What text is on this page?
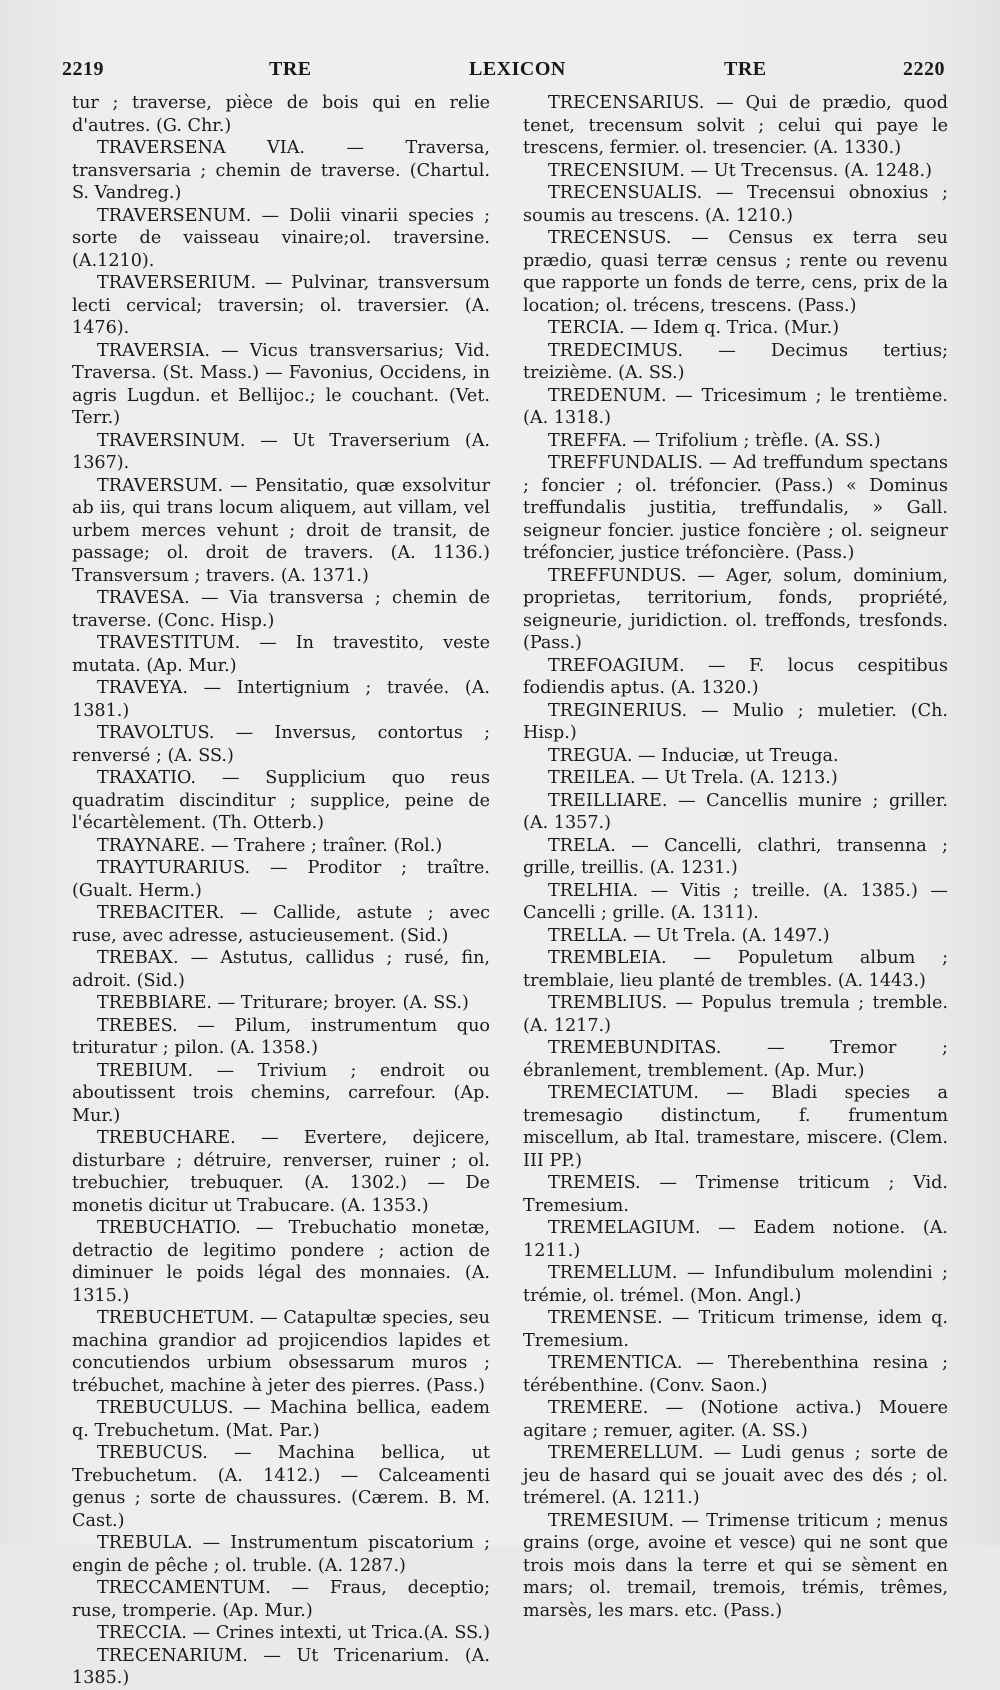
2219	TRE	LEXICON	TRE	2220

tur ; traverse, pièce de bois qui en relie d'autres. (G. Chr.)

TRAVERSENA VIA. — Traversa, transversaria ; chemin de traverse. (Chartul. S. Vandreg.)

TRAVERSENUM. — Dolii vinarii species ; sorte de vaisseau vinaire;ol. traversine.(A.1210).

TRAVERSERIUM. — Pulvinar, transversum lecti cervical; traversin; ol. traversier. (A. 1476).

TRAVERSIA. — Vicus transversarius; Vid. Traversa. (St. Mass.) — Favonius, Occidens, in agris Lugdun. et Bellijoc.; le couchant. (Vet. Terr.)

TRAVERSINUM. — Ut Traverserium (A. 1367).

TRAVERSUM. — Pensitatio, quæ exsolvitur ab iis, qui trans locum aliquem, aut villam, vel urbem merces vehunt ; droit de transit, de passage; ol. droit de travers. (A. 1136.) Transversum ; travers. (A. 1371.)

TRAVESA. — Via transversa ; chemin de traverse. (Conc. Hisp.)

TRAVESTITUM. — In travestito, veste mutata. (Ap. Mur.)

TRAVEYA. — Intertignium ; travée. (A. 1381.)

TRAVOLTUS. — Inversus, contortus ; renversé ; (A. SS.)

TRAXATIO. — Supplicium quo reus quadratim discinditur ; supplice, peine de l'écartèlement. (Th. Otterb.)

TRAYNARE. — Trahere ; traîner. (Rol.)

TRAYTURARIUS. — Proditor ; traître. (Gualt. Herm.)

TREBACITER. — Callide, astute ; avec ruse, avec adresse, astucieusement. (Sid.)

TREBAX. — Astutus, callidus ; rusé, fin, adroit. (Sid.)

TREBBIARE. — Triturare; broyer. (A. SS.)

TREBES. — Pilum, instrumentum quo trituratur ; pilon. (A. 1358.)

TREBIUM. — Trivium ; endroit ou aboutissent trois chemins, carrefour. (Ap. Mur.)

TREBUCHARE. — Evertere, dejicere, disturbare ; détruire, renverser, ruiner ; ol. trebuchier, trebuquer. (A. 1302.) — De monetis dicitur ut Trabucare. (A. 1353.)

TREBUCHATIO. — Trebuchatio monetæ, detractio de legitimo pondere ; action de diminuer le poids légal des monnaies. (A. 1315.)

TREBUCHETUM. — Catapultæ species, seu machina grandior ad projicendios lapides et concutiendos urbium obsessarum muros ; trébuchet, machine à jeter des pierres. (Pass.)

TREBUCULUS. — Machina bellica, eadem q. Trebuchetum. (Mat. Par.)

TREBUCUS. — Machina bellica, ut Trebuchetum. (A. 1412.) — Calceamenti genus ; sorte de chaussures. (Cærem. B. M. Cast.)

TREBULA. — Instrumentum piscatorium ; engin de pêche ; ol. truble. (A. 1287.)

TRECCAMENTUM. — Fraus, deceptio; ruse, tromperie. (Ap. Mur.)

TRECCIA. — Crines intexti, ut Trica.(A. SS.)

TRECENARIUM. — Ut Tricenarium. (A. 1385.)

TRECENSARIUS. — Qui de prædio, quod tenet, trecensum solvit ; celui qui paye le trescens, fermier. ol. tresencier. (A. 1330.)

TRECENSIUM. — Ut Trecensus. (A. 1248.)

TRECENSUALIS. — Trecensui obnoxius ; soumis au trescens. (A. 1210.)

TRECENSUS. — Census ex terra seu prædio, quasi terræ census ; rente ou revenu que rapporte un fonds de terre, cens, prix de la location; ol. trécens, trescens. (Pass.)

TERCIA. — Idem q. Trica. (Mur.)

TREDECIMUS. — Decimus tertius; treizième. (A. SS.)

TREDENUM. — Tricesimum ; le trentième. (A. 1318.)

TREFFA. — Trifolium ; trèfle. (A. SS.)

TREFFUNDALIS. — Ad treffundum spectans ; foncier ; ol. tréfoncier. (Pass.) « Dominus treffundalis justitia, treffundalis, » Gall. seigneur foncier. justice foncière ; ol. seigneur tréfoncier, justice tréfoncière. (Pass.)

TREFFUNDUS. — Ager, solum, dominium, proprietas, territorium, fonds, propriété, seigneurie, juridiction. ol. treffonds, tresfonds. (Pass.)

TREFOAGIUM. — F. locus cespitibus fodiendis aptus. (A. 1320.)

TREGINERIUS. — Mulio ; muletier. (Ch. Hisp.)

TREGUA. — Induciæ, ut Treuga.

TREILEA. — Ut Trela. (A. 1213.)

TREILLIARE. — Cancellis munire ; griller. (A. 1357.)

TRELA. — Cancelli, clathri, transenna ; grille, treillis. (A. 1231.)

TRELHIA. — Vitis ; treille. (A. 1385.) — Cancelli ; grille. (A. 1311).

TRELLA. — Ut Trela. (A. 1497.)

TREMBLEIA. — Populetum album ; tremblaie, lieu planté de trembles. (A. 1443.)

TREMBLIUS. — Populus tremula ; tremble. (A. 1217.)

TREMEBUNDITAS. — Tremor ; ébranlement, tremblement. (Ap. Mur.)

TREMECIATUM. — Bladi species a tremesagio distinctum, f. frumentum miscellum, ab Ital. tramestare, miscere. (Clem. III PP.)

TREMEIS. — Trimense triticum ; Vid. Tremesium.

TREMELAGIUM. — Eadem notione. (A. 1211.)

TREMELLUM. — Infundibulum molendini ; trémie, ol. trémel. (Mon. Angl.)

TREMENSE. — Triticum trimense, idem q. Tremesium.

TREMENTICA. — Therebenthina resina ; térébenthine. (Conv. Saon.)

TREMERE. — (Notione activa.) Mouere agitare ; remuer, agiter. (A. SS.)

TREMERELLUM. — Ludi genus ; sorte de jeu de hasard qui se jouait avec des dés ; ol. trémerel. (A. 1211.)

TREMESIUM. — Trimense triticum ; menus grains (orge, avoine et vesce) qui ne sont que trois mois dans la terre et qui se sèment en mars; ol. tremail, tremois, trémis, trêmes, marsès, les mars. etc. (Pass.)
